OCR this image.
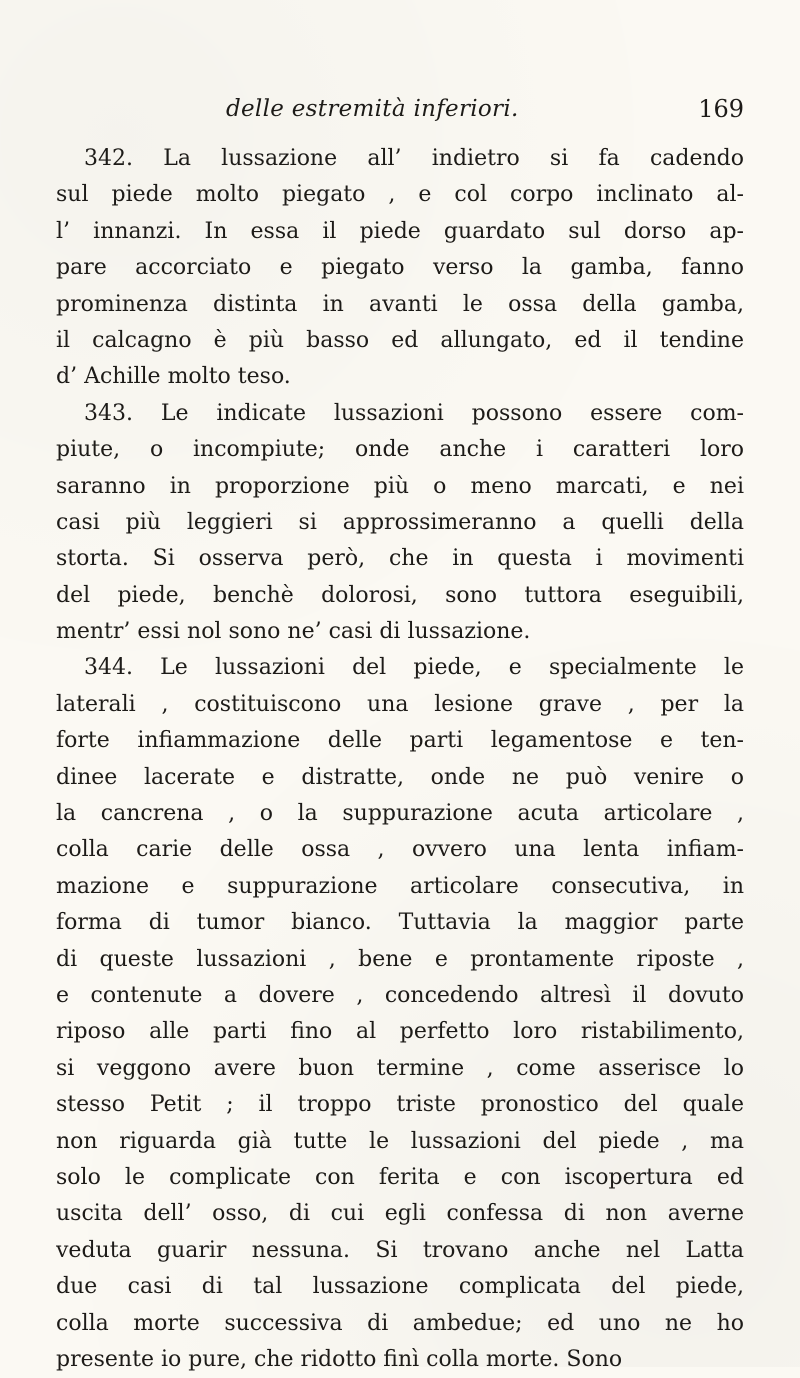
delle estremità inferiori.	169
342. La lussazione all’ indietro si fa cadendo
sul piede molto piegato , e col corpo inclinato al-
l’ innanzi. In essa il piede guardato sul dorso ap-
pare accorciato e piegato verso la gamba, fanno
prominenza distinta in avanti le ossa della gamba,
il calcagno è più basso ed allungato, ed il tendine
d’ Achille molto teso.
343. Le indicate lussazioni possono essere com-
piute, o incompiute; onde anche i caratteri loro
saranno in proporzione più o meno marcati, e nei
casi più leggieri si approssimeranno a quelli della
storta. Si osserva però, che in questa i movimenti
del piede, benchè dolorosi, sono tuttora eseguibili,
mentr’ essi nol sono ne’ casi di lussazione.
344. Le lussazioni del piede, e specialmente le
laterali , costituiscono una lesione grave , per la
forte infiammazione delle parti legamentose e ten-
dinee lacerate e distratte, onde ne può venire o
la cancrena , o la suppurazione acuta articolare ,
colla carie delle ossa , ovvero una lenta infiam-
mazione e suppurazione articolare consecutiva, in
forma di tumor bianco. Tuttavia la maggior parte
di queste lussazioni , bene e prontamente riposte ,
e contenute a dovere , concedendo altresì il dovuto
riposo alle parti fino al perfetto loro ristabilimento,
si veggono avere buon termine , come asserisce lo
stesso Petit ; il troppo triste pronostico del quale
non riguarda già tutte le lussazioni del piede , ma
solo le complicate con ferita e con iscopertura ed
uscita dell’ osso, di cui egli confessa di non averne
veduta guarir nessuna. Si trovano anche nel Latta
due casi di tal lussazione complicata del piede,
colla morte successiva di ambedue; ed uno ne ho
presente io pure, che ridotto finì colla morte. Sono
